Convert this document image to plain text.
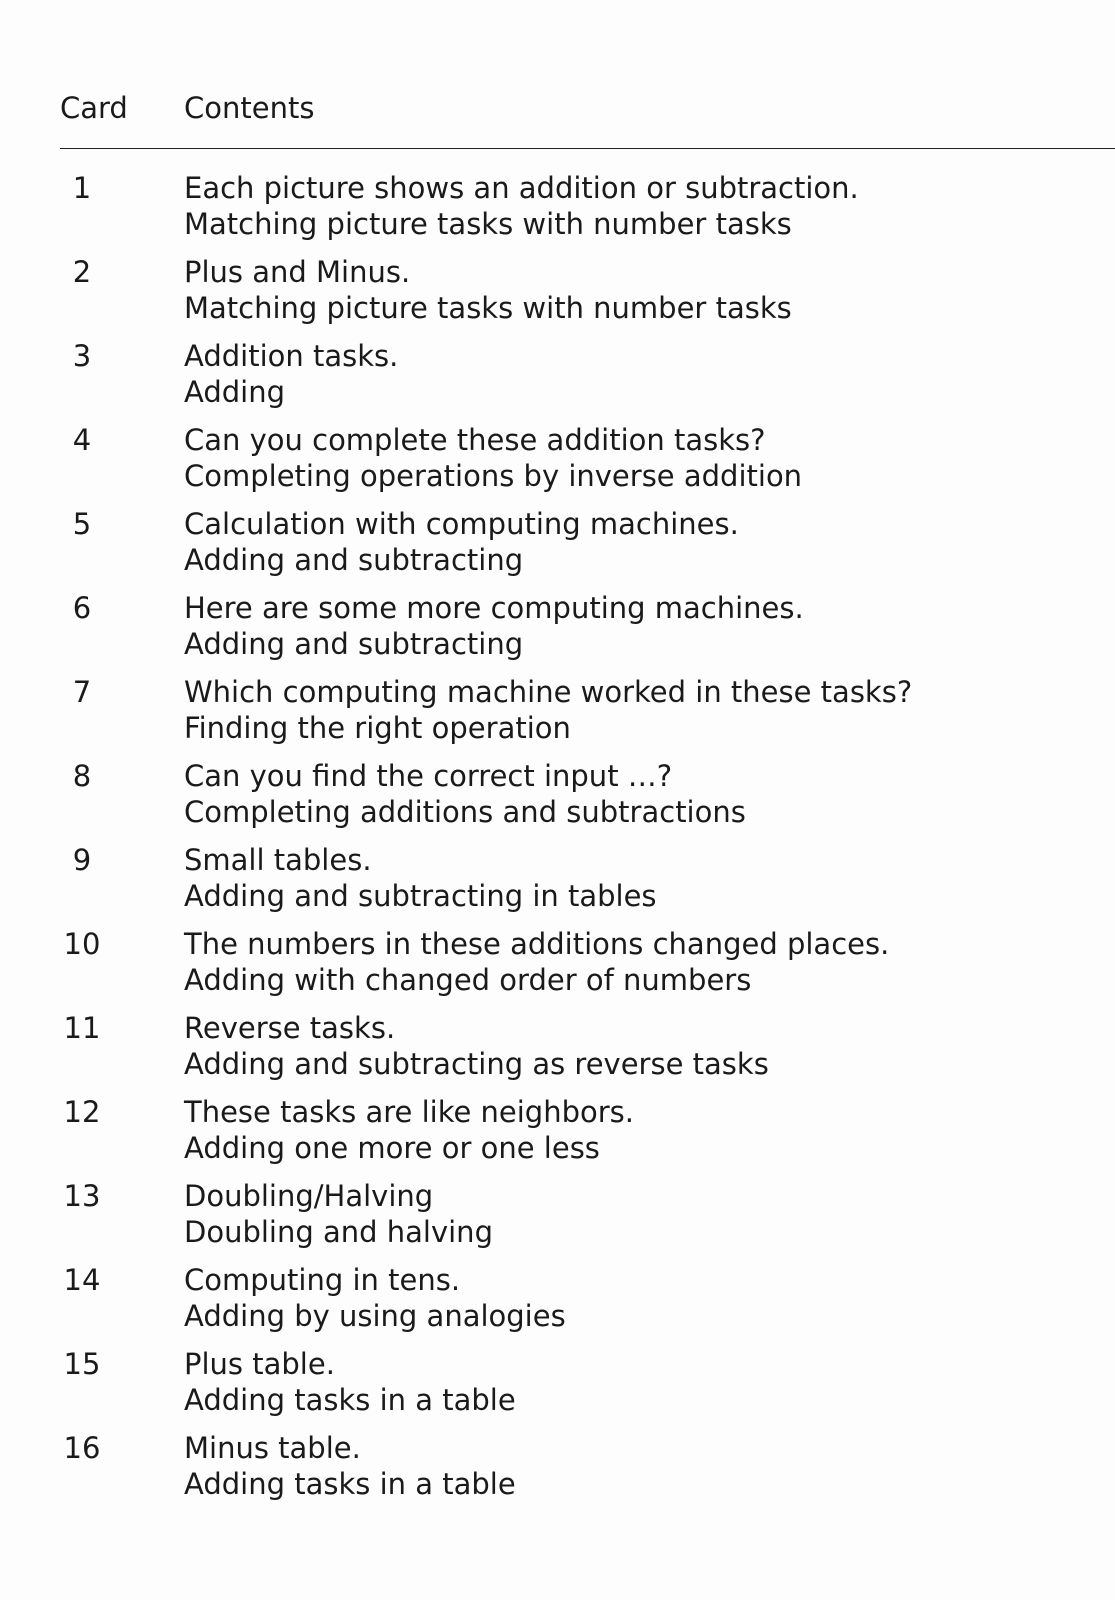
Card Contents
1	Each picture shows an addition or subtraction.
Matching picture tasks with number tasks
2	Plus and Minus.
Matching picture tasks with number tasks
3	Addition tasks.
Adding
4	Can you complete these addition tasks?
Completing operations by inverse addition
5	Calculation with computing machines.
Adding and subtracting
6	Here are some more computing machines.
Adding and subtracting
7	Which computing machine worked in these tasks?
Finding the right operation
8	Can you find the correct input …?
Completing additions and subtractions
9	Small tables.
Adding and subtracting in tables
10	The numbers in these additions changed places.
Adding with changed order of numbers
11	Reverse tasks.
Adding and subtracting as reverse tasks
12	These tasks are like neighbors.
Adding one more or one less
13	Doubling/Halving
Doubling and halving
14	Computing in tens.
Adding by using analogies
15	Plus table.
Adding tasks in a table
16	Minus table.
Adding tasks in a table
